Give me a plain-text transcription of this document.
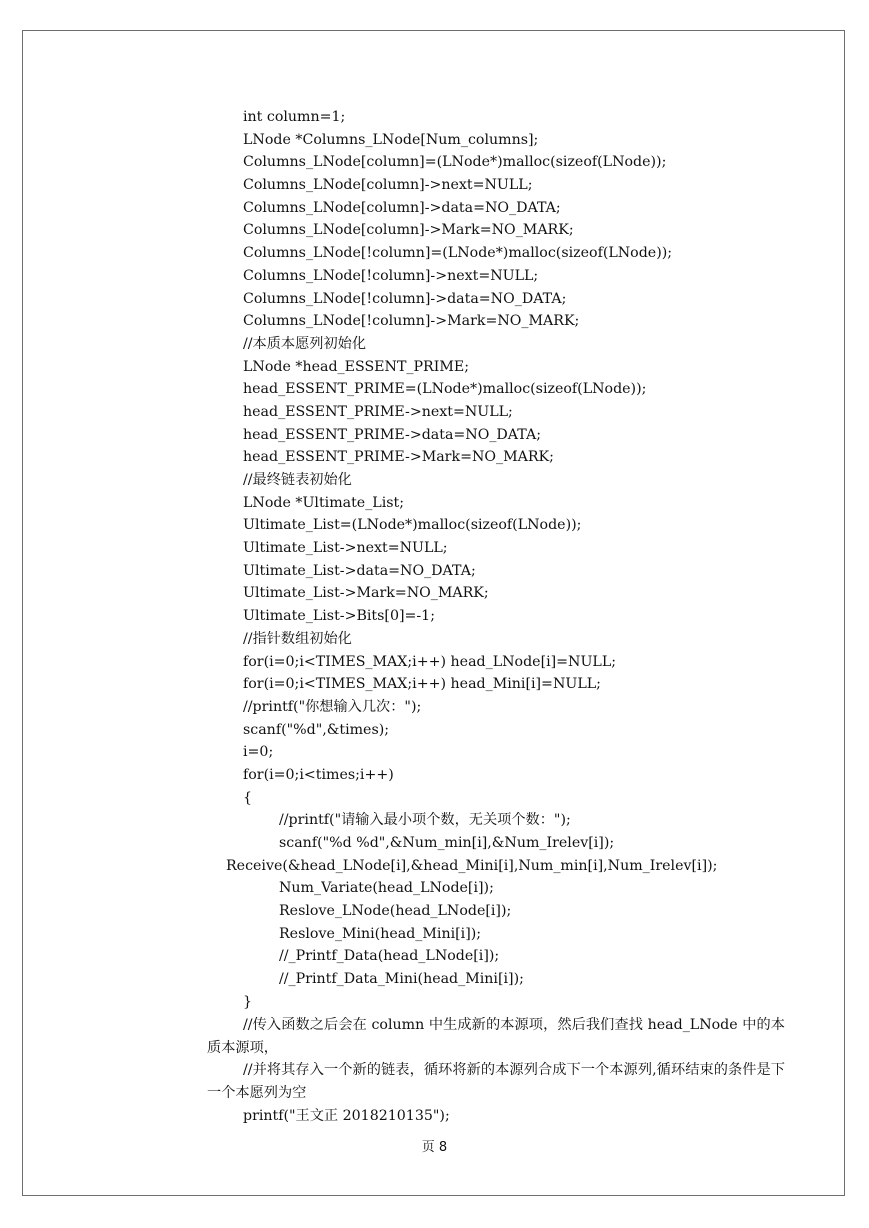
int column=1;
LNode *Columns_LNode[Num_columns];
Columns_LNode[column]=(LNode*)malloc(sizeof(LNode));
Columns_LNode[column]->next=NULL;
Columns_LNode[column]->data=NO_DATA;
Columns_LNode[column]->Mark=NO_MARK;
Columns_LNode[!column]=(LNode*)malloc(sizeof(LNode));
Columns_LNode[!column]->next=NULL;
Columns_LNode[!column]->data=NO_DATA;
Columns_LNode[!column]->Mark=NO_MARK;
//本质本愿列初始化
LNode *head_ESSENT_PRIME;
head_ESSENT_PRIME=(LNode*)malloc(sizeof(LNode));
head_ESSENT_PRIME->next=NULL;
head_ESSENT_PRIME->data=NO_DATA;
head_ESSENT_PRIME->Mark=NO_MARK;
//最终链表初始化
LNode *Ultimate_List;
Ultimate_List=(LNode*)malloc(sizeof(LNode));
Ultimate_List->next=NULL;
Ultimate_List->data=NO_DATA;
Ultimate_List->Mark=NO_MARK;
Ultimate_List->Bits[0]=-1;
//指针数组初始化
for(i=0;i<TIMES_MAX;i++) head_LNode[i]=NULL;
for(i=0;i<TIMES_MAX;i++) head_Mini[i]=NULL;
//printf("你想输入几次：");
scanf("%d",&times);
i=0;
for(i=0;i<times;i++)
{
//printf("请输入最小项个数，无关项个数：");
scanf("%d %d",&Num_min[i],&Num_Irelev[i]);
Receive(&head_LNode[i],&head_Mini[i],Num_min[i],Num_Irelev[i]);
Num_Variate(head_LNode[i]);
Reslove_LNode(head_LNode[i]);
Reslove_Mini(head_Mini[i]);
//_Printf_Data(head_LNode[i]);
//_Printf_Data_Mini(head_Mini[i]);
}

//传入函数之后会在 column 中生成新的本源项，然后我们查找 head_LNode 中的本质本源项，

//并将其存入一个新的链表，循环将新的本源列合成下一个本源列,循环结束的条件是下一个本愿列为空

printf("王文正 2018210135");
页 8
